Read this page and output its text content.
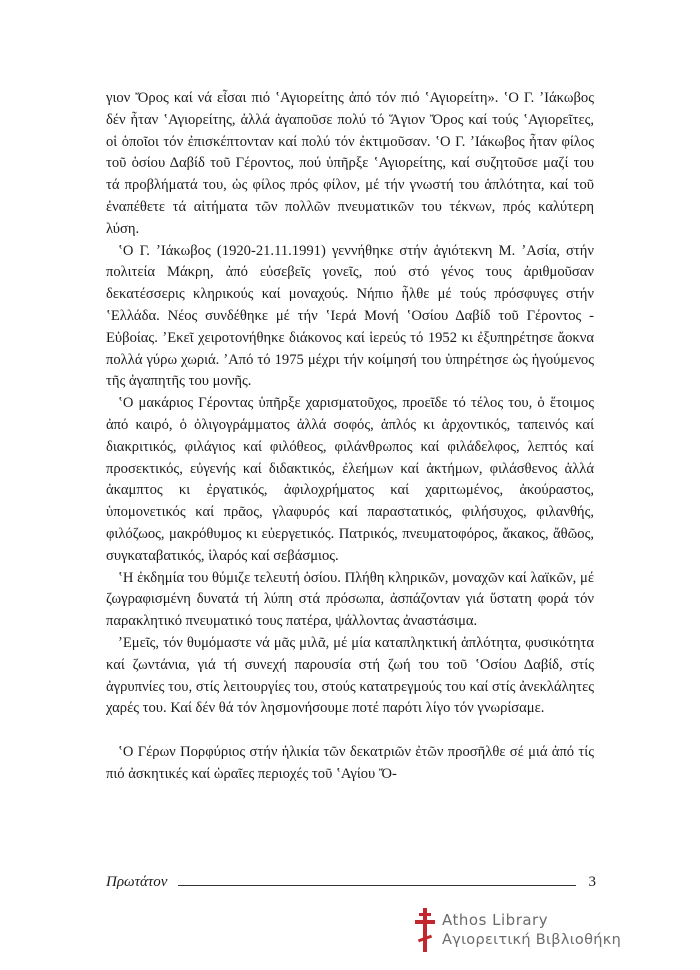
γιον Ὄρος καί νά εἶσαι πιό ʽΑγιορείτης ἀπό τόν πιό ʽΑγιορείτη». ʽΟ Γ. ʼΙάκωβος δέν ἦταν ʽΑγιορείτης, ἀλλά ἀγαποῦσε πολύ τό Ἅγιον Ὄρος καί τούς ʽΑγιορεῖτες, οἱ ὁποῖοι τόν ἐπισκέπτονταν καί πολύ τόν ἐκτιμοῦσαν. ʽΟ Γ. ʼΙάκωβος ἦταν φίλος τοῦ ὁσίου Δαβίδ τοῦ Γέροντος, πού ὑπῆρξε ʽΑγιορείτης, καί συζητοῦσε μαζί του τά προβλήματά του, ὡς φίλος πρός φίλον, μέ τήν γνωστή του ἁπλότητα, καί τοῦ ἐναπέθετε τά αἰτήματα τῶν πολλῶν πνευματικῶν του τέκνων, πρός καλύτερη λύση.

ʽΟ Γ. ʼΙάκωβος (1920-21.11.1991) γεννήθηκε στήν ἁγιότεκνη Μ. ʼΑσία, στήν πολιτεία Μάκρη, ἀπό εὐσεβεῖς γονεῖς, πού στό γένος τους ἀριθμοῦσαν δεκατέσσερις κληρικούς καί μοναχούς. Νήπιο ἦλθε μέ τούς πρόσφυγες στήν ʽΕλλάδα. Νέος συνδέθηκε μέ τήν ʽΙερά Μονή ʽΟσίου Δαβίδ τοῦ Γέροντος - Εὐβοίας. ʼΕκεῖ χειροτονήθηκε διάκονος καί ἱερεύς τό 1952 κι ἐξυπηρέτησε ἄοκνα πολλά γύρω χωριά. ʼΑπό τό 1975 μέχρι τήν κοίμησή του ὑπηρέτησε ὡς ἡγούμενος τῆς ἀγαπητῆς του μονῆς.

ʽΟ μακάριος Γέροντας ὑπῆρξε χαρισματοῦχος, προεῖδε τό τέλος του, ὁ ἕτοιμος ἀπό καιρό, ὁ ὀλιγογράμματος ἀλλά σοφός, ἁπλός κι ἀρχοντικός, ταπεινός καί διακριτικός, φιλάγιος καί φιλόθεος, φιλάνθρωπος καί φιλάδελφος, λεπτός καί προσεκτικός, εὐγενής καί διδακτικός, ἐλεήμων καί ἀκτήμων, φιλάσθενος ἀλλά ἀκαμπτος κι ἐργατικός, ἀφιλοχρήματος καί χαριτωμένος, ἀκούραστος, ὑπομονετικός καί πρᾶος, γλαφυρός καί παραστατικός, φιλήσυχος, φιλανθής, φιλόζωος, μακρόθυμος κι εὐεργετικός. Πατρικός, πνευματοφόρος, ἄκακος, ἄθῶος, συγκαταβατικός, ἱλαρός καί σεβάσμιος.

ʽΗ ἐκδημία του θύμιζε τελευτή ὁσίου. Πλήθη κληρικῶν, μοναχῶν καί λαϊκῶν, μέ ζωγραφισμένη δυνατά τή λύπη στά πρόσωπα, ἀσπάζονταν γιά ὕστατη φορά τόν παρακλητικό πνευματικό τους πατέρα, ψάλλοντας ἀναστάσιμα.

ʼΕμεῖς, τόν θυμόμαστε νά μᾶς μιλᾶ, μέ μία καταπληκτική ἁπλότητα, φυσικότητα καί ζωντάνια, γιά τή συνεχή παρουσία στή ζωή του τοῦ ʽΟσίου Δαβίδ, στίς ἀγρυπνίες του, στίς λειτουργίες του, στούς κατατρεγμούς του καί στίς ἀνεκλάλητες χαρές του. Καί δέν θά τόν λησμονήσουμε ποτέ παρότι λίγο τόν γνωρίσαμε.

ʽΟ Γέρων Πορφύριος στήν ἡλικία τῶν δεκατριῶν ἐτῶν προσῆλθε σέ μιά ἀπό τίς πιό ἀσκητικές καί ὡραῖες περιοχές τοῦ ʽΑγίου Ὄ-

Πρωτάτον	3
Athos Library
Αγιορειτική Βιβλιοθήκη
